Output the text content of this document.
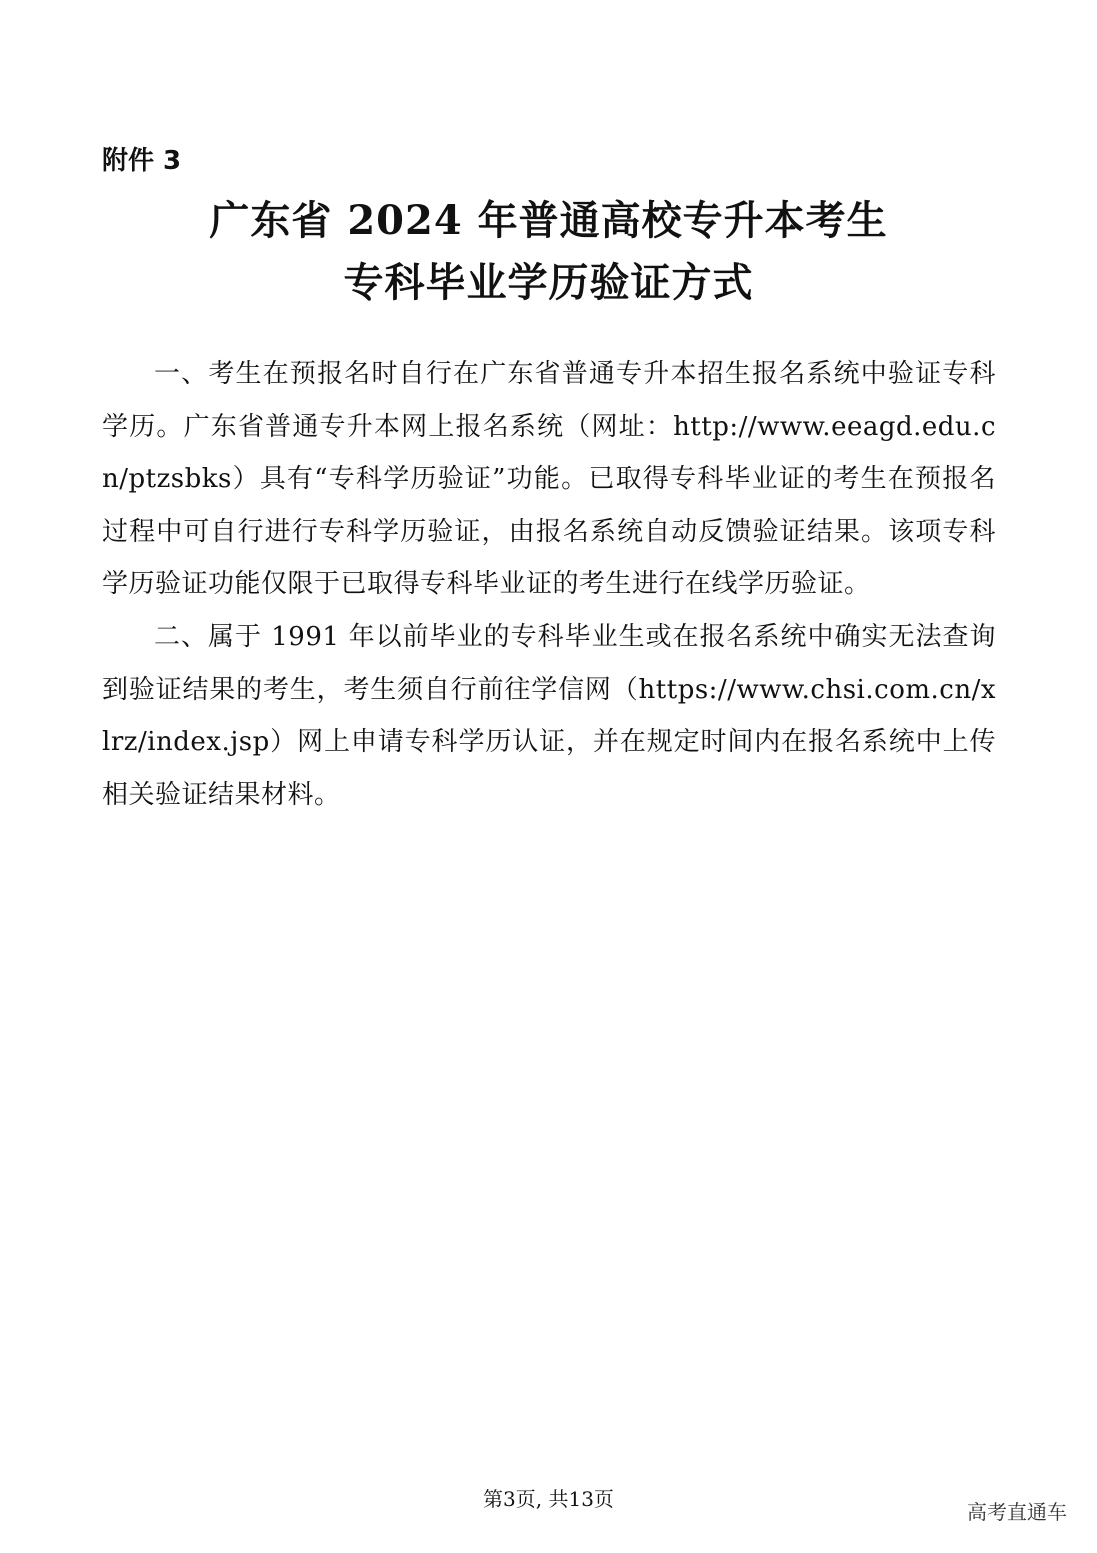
附件 3
广东省 2024 年普通高校专升本考生
专科毕业学历验证方式

一、考生在预报名时自行在广东省普通专升本招生报名系统中验证专科学历。广东省普通专升本网上报名系统（网址：http://www.eeagd.edu.cn/ptzsbks）具有“专科学历验证”功能。已取得专科毕业证的考生在预报名过程中可自行进行专科学历验证，由报名系统自动反馈验证结果。该项专科学历验证功能仅限于已取得专科毕业证的考生进行在线学历验证。

二、属于 1991 年以前毕业的专科毕业生或在报名系统中确实无法查询到验证结果的考生，考生须自行前往学信网（https://www.chsi.com.cn/xlrz/index.jsp）网上申请专科学历认证，并在规定时间内在报名系统中上传相关验证结果材料。

第3页, 共13页
高考直通车
